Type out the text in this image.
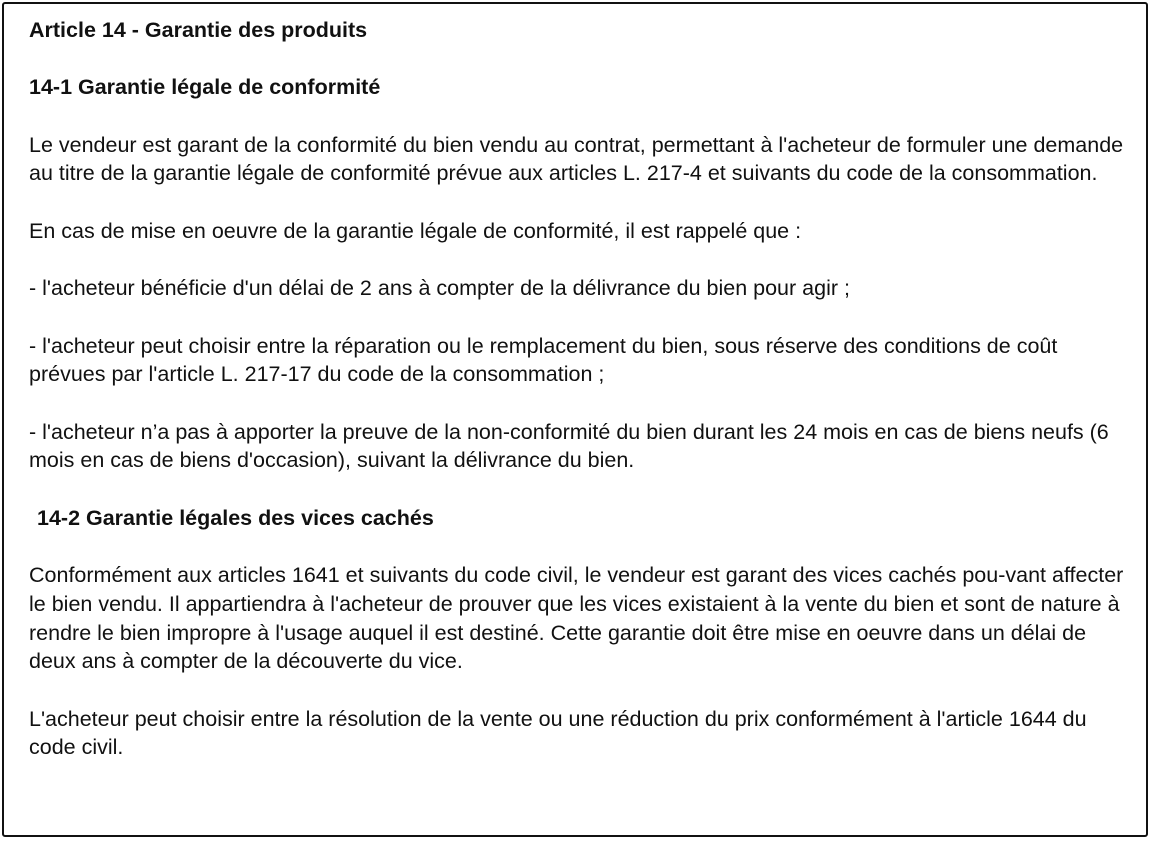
Article 14 - Garantie des produits

14-1 Garantie légale de conformité

Le vendeur est garant de la conformité du bien vendu au contrat, permettant à l'acheteur de formuler une demande au titre de la garantie légale de conformité prévue aux articles L. 217-4 et suivants du code de la consommation.

En cas de mise en oeuvre de la garantie légale de conformité, il est rappelé que :

- l'acheteur bénéficie d'un délai de 2 ans à compter de la délivrance du bien pour agir ;

- l'acheteur peut choisir entre la réparation ou le remplacement du bien, sous réserve des conditions de coût prévues par l'article L. 217-17 du code de la consommation ;

- l'acheteur n’a pas à apporter la preuve de la non-conformité du bien durant les 24 mois en cas de biens neufs (6 mois en cas de biens d'occasion), suivant la délivrance du bien.

14-2 Garantie légales des vices cachés

Conformément aux articles 1641 et suivants du code civil, le vendeur est garant des vices cachés pou-vant affecter le bien vendu. Il appartiendra à l'acheteur de prouver que les vices existaient à la vente du bien et sont de nature à rendre le bien impropre à l'usage auquel il est destiné. Cette garantie doit être mise en oeuvre dans un délai de deux ans à compter de la découverte du vice.

L'acheteur peut choisir entre la résolution de la vente ou une réduction du prix conformément à l'article 1644 du code civil.
